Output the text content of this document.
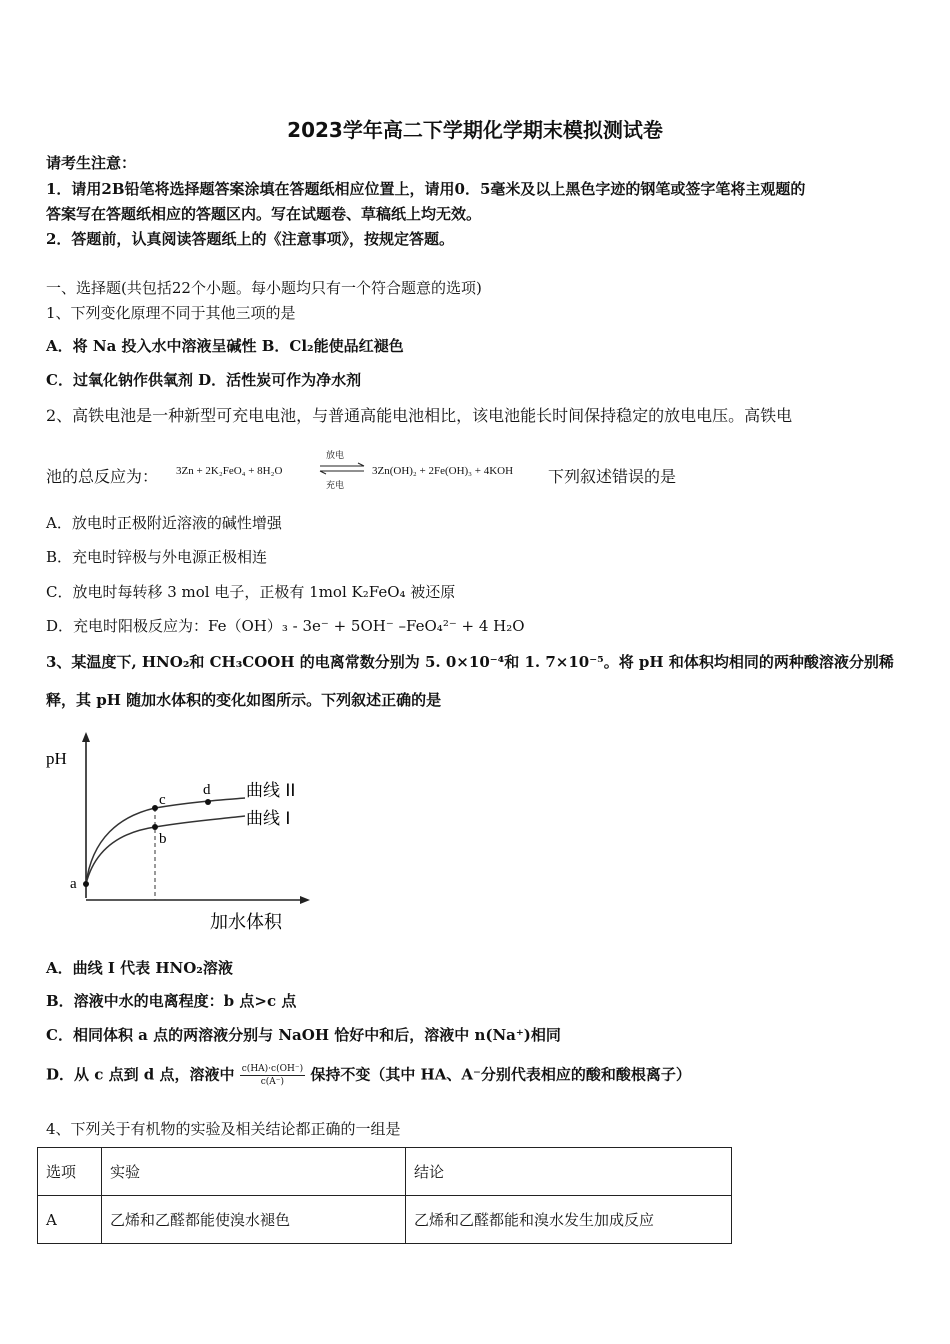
2023学年高二下学期化学期末模拟测试卷
请考生注意：
1．请用2B铅笔将选择题答案涂填在答题纸相应位置上，请用0．5毫米及以上黑色字迹的钢笔或签字笔将主观题的
答案写在答题纸相应的答题区内。写在试题卷、草稿纸上均无效。
2．答题前，认真阅读答题纸上的《注意事项》，按规定答题。
一、选择题(共包括22个小题。每小题均只有一个符合题意的选项)
1、下列变化原理不同于其他三项的是
A．将 Na 投入水中溶液呈碱性 B．Cl₂能使品红褪色
C．过氧化钠作供氧剂 D．活性炭可作为净水剂
2、高铁电池是一种新型可充电电池，与普通高能电池相比，该电池能长时间保持稳定的放电电压。高铁电
池的总反应为： 3Zn + 2K₂FeO₄ + 8H₂O
放电
充电
3Zn(OH)₂ + 2Fe(OH)₃ + 4KOH 下列叙述错误的是
A．放电时正极附近溶液的碱性增强
B．充电时锌极与外电源正极相连
C．放电时每转移 3 mol 电子，正极有 1mol K₂FeO₄ 被还原
D．充电时阳极反应为：Fe（OH）₃ - 3e⁻ + 5OH⁻ –FeO₄²⁻ + 4 H₂O
3、某温度下, HNO₂和 CH₃COOH 的电离常数分别为 5. 0×10⁻⁴和 1. 7×10⁻⁵。将 pH 和体积均相同的两种酸溶液分别稀
释，其 pH 随加水体积的变化如图所示。下列叙述正确的是
pH
加水体积
a
c
b
d 曲线 II
曲线 I
A．曲线 I 代表 HNO₂溶液
B．溶液中水的电离程度：b 点>c 点
C．相同体积 a 点的两溶液分别与 NaOH 恰好中和后，溶液中 n(Na⁺)相同
D．从 c 点到 d 点，溶液中 $\frac{c(HA)\cdot c(OH^-)}{c(A^-)}$ 保持不变（其中 HA、A⁻分别代表相应的酸和酸根离子）
4、下列关于有机物的实验及相关结论都正确的一组是
选项	实验	结论
A	乙烯和乙醛都能使溴水褪色	乙烯和乙醛都能和溴水发生加成反应
